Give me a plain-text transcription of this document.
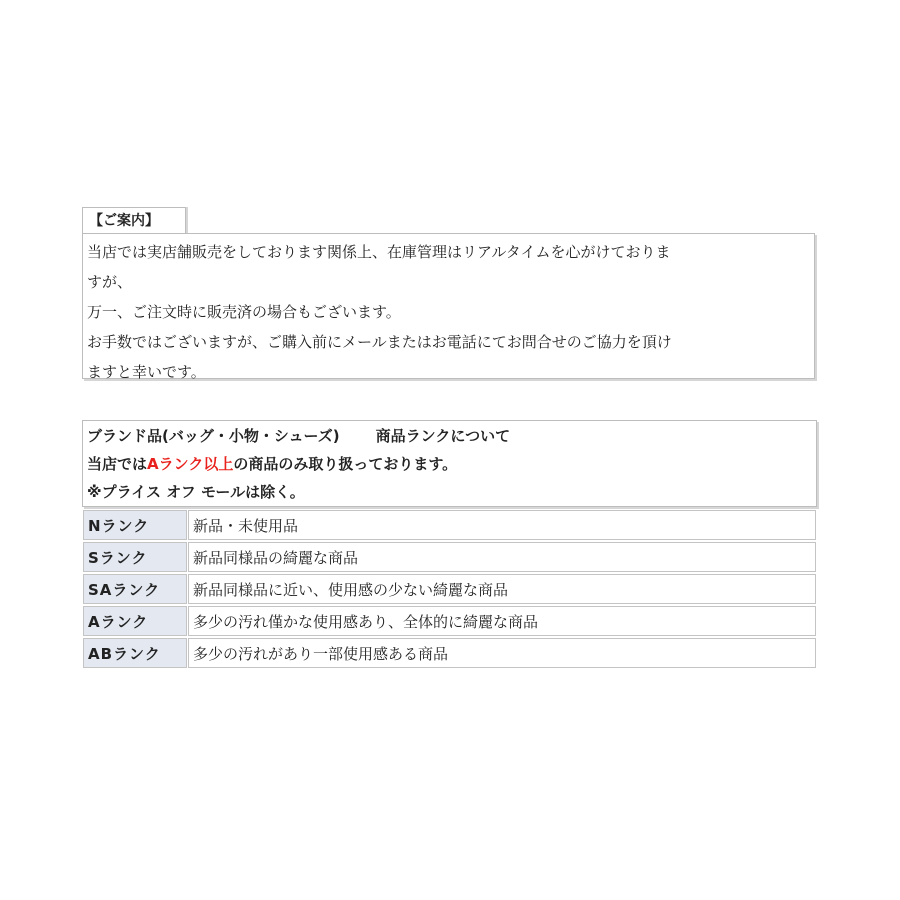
【ご案内】

当店では実店舗販売をしております関係上、在庫管理はリアルタイムを心がけておりま

すが、

万一、ご注文時に販売済の場合もございます。

お手数ではございますが、ご購入前にメールまたはお電話にてお問合せのご協力を頂け

ますと幸いです。

ブランド品(バッグ・小物・シューズ) 商品ランクについて

当店ではAランク以上の商品のみ取り扱っております。

※プライス オフ モールは除く。

Nランク	新品・未使用品
Sランク	新品同様品の綺麗な商品
SAランク	新品同様品に近い、使用感の少ない綺麗な商品
Aランク	多少の汚れ僅かな使用感あり、全体的に綺麗な商品
ABランク	多少の汚れがあり一部使用感ある商品
